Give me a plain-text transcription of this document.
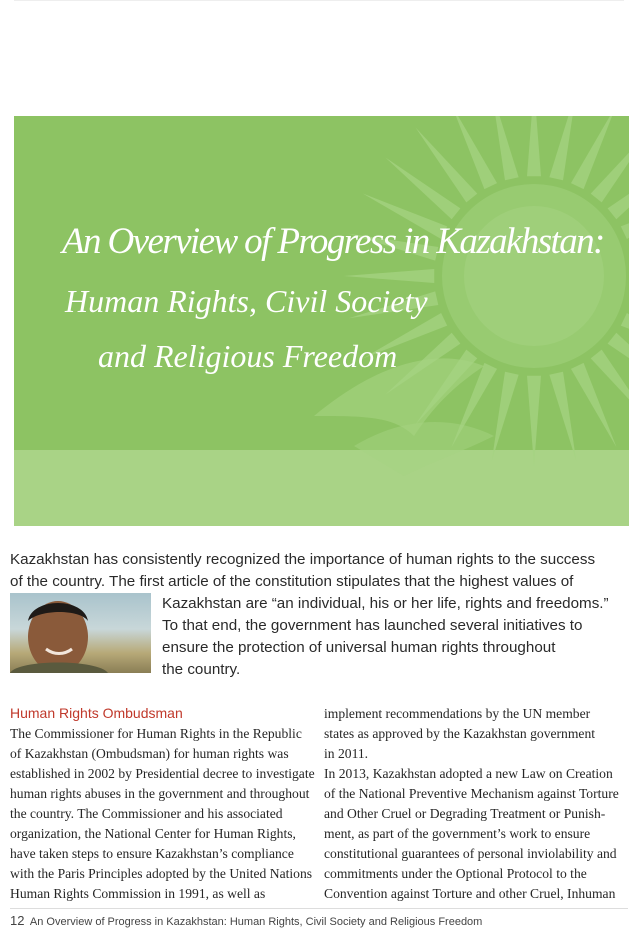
An Overview of Progress in Kazakhstan:
Human Rights, Civil Society
and Religious Freedom
Kazakhstan has consistently recognized the importance of human rights to the success
of the country. The first article of the constitution stipulates that the highest values of
Kazakhstan are “an individual, his or her life, rights and freedoms.”
To that end, the government has launched several initiatives to
ensure the protection of universal human rights throughout
the country.
Human Rights Ombudsman
The Commissioner for Human Rights in the Republic
of Kazakhstan (Ombudsman) for human rights was
established in 2002 by Presidential decree to investigate
human rights abuses in the government and throughout
the country. The Commissioner and his associated
organization, the National Center for Human Rights,
have taken steps to ensure Kazakhstan’s compliance
with the Paris Principles adopted by the United Nations
Human Rights Commission in 1991, as well as
implement recommendations by the UN member
states as approved by the Kazakhstan government
in 2011.
In 2013, Kazakhstan adopted a new Law on Creation
of the National Preventive Mechanism against Torture
and Other Cruel or Degrading Treatment or Punish-
ment, as part of the government’s work to ensure
constitutional guarantees of personal inviolability and
commitments under the Optional Protocol to the
Convention against Torture and other Cruel, Inhuman
12 An Overview of Progress in Kazakhstan: Human Rights, Civil Society and Religious Freedom
